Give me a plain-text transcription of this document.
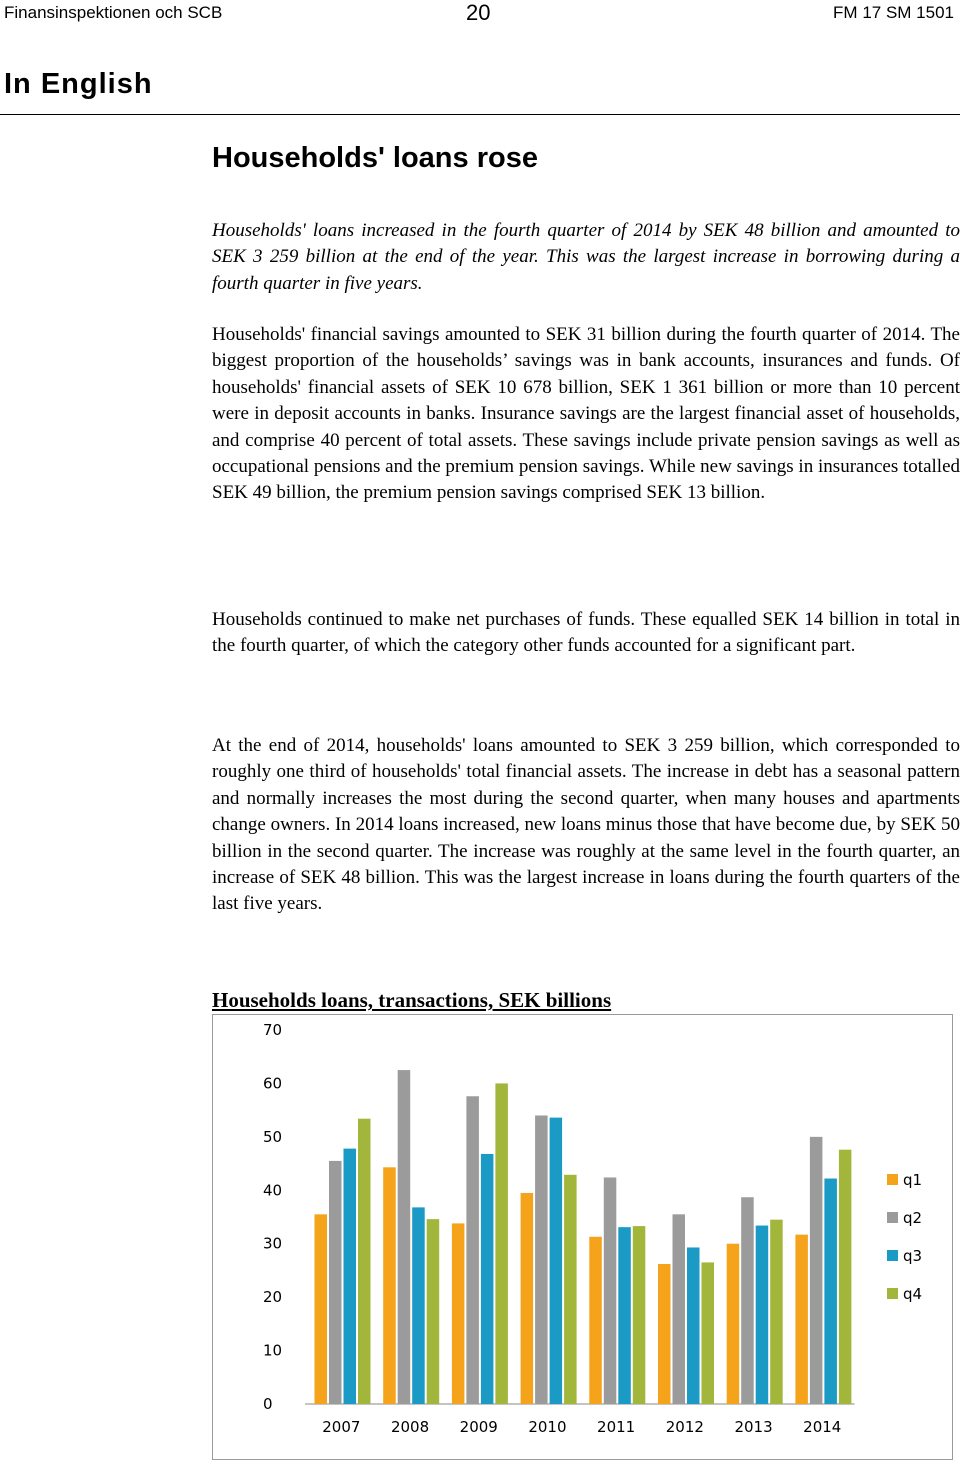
Finansinspektionen och SCB	20	FM 17 SM 1501
In English
Households' loans rose
Households' loans increased in the fourth quarter of 2014 by SEK 48 billion and amounted to SEK 3 259 billion at the end of the year. This was the largest increase in borrowing during a fourth quarter in five years.
Households' financial savings amounted to SEK 31 billion during the fourth quarter of 2014. The biggest proportion of the households’ savings was in bank accounts, insurances and funds. Of households' financial assets of SEK 10 678 billion, SEK 1 361 billion or more than 10 percent were in deposit accounts in banks. Insurance savings are the largest financial asset of households, and comprise 40 percent of total assets. These savings include private pension savings as well as occupational pensions and the premium pension savings. While new savings in insurances totalled SEK 49 billion, the premium pension savings comprised SEK 13 billion.
Households continued to make net purchases of funds. These equalled SEK 14 billion in total in the fourth quarter, of which the category other funds accounted for a significant part.
At the end of 2014, households' loans amounted to SEK 3 259 billion, which corresponded to roughly one third of households' total financial assets. The increase in debt has a seasonal pattern and normally increases the most during the second quarter, when many houses and apartments change owners. In 2014 loans increased, new loans minus those that have become due, by SEK 50 billion in the second quarter. The increase was roughly at the same level in the fourth quarter, an increase of SEK 48 billion. This was the largest increase in loans during the fourth quarters of the last five years.
Households loans, transactions, SEK billions
0
10
20
30
40
50
60
70
2007 2008 2009 2010 2011 2012 2013 2014
q1
q2
q3
q4
